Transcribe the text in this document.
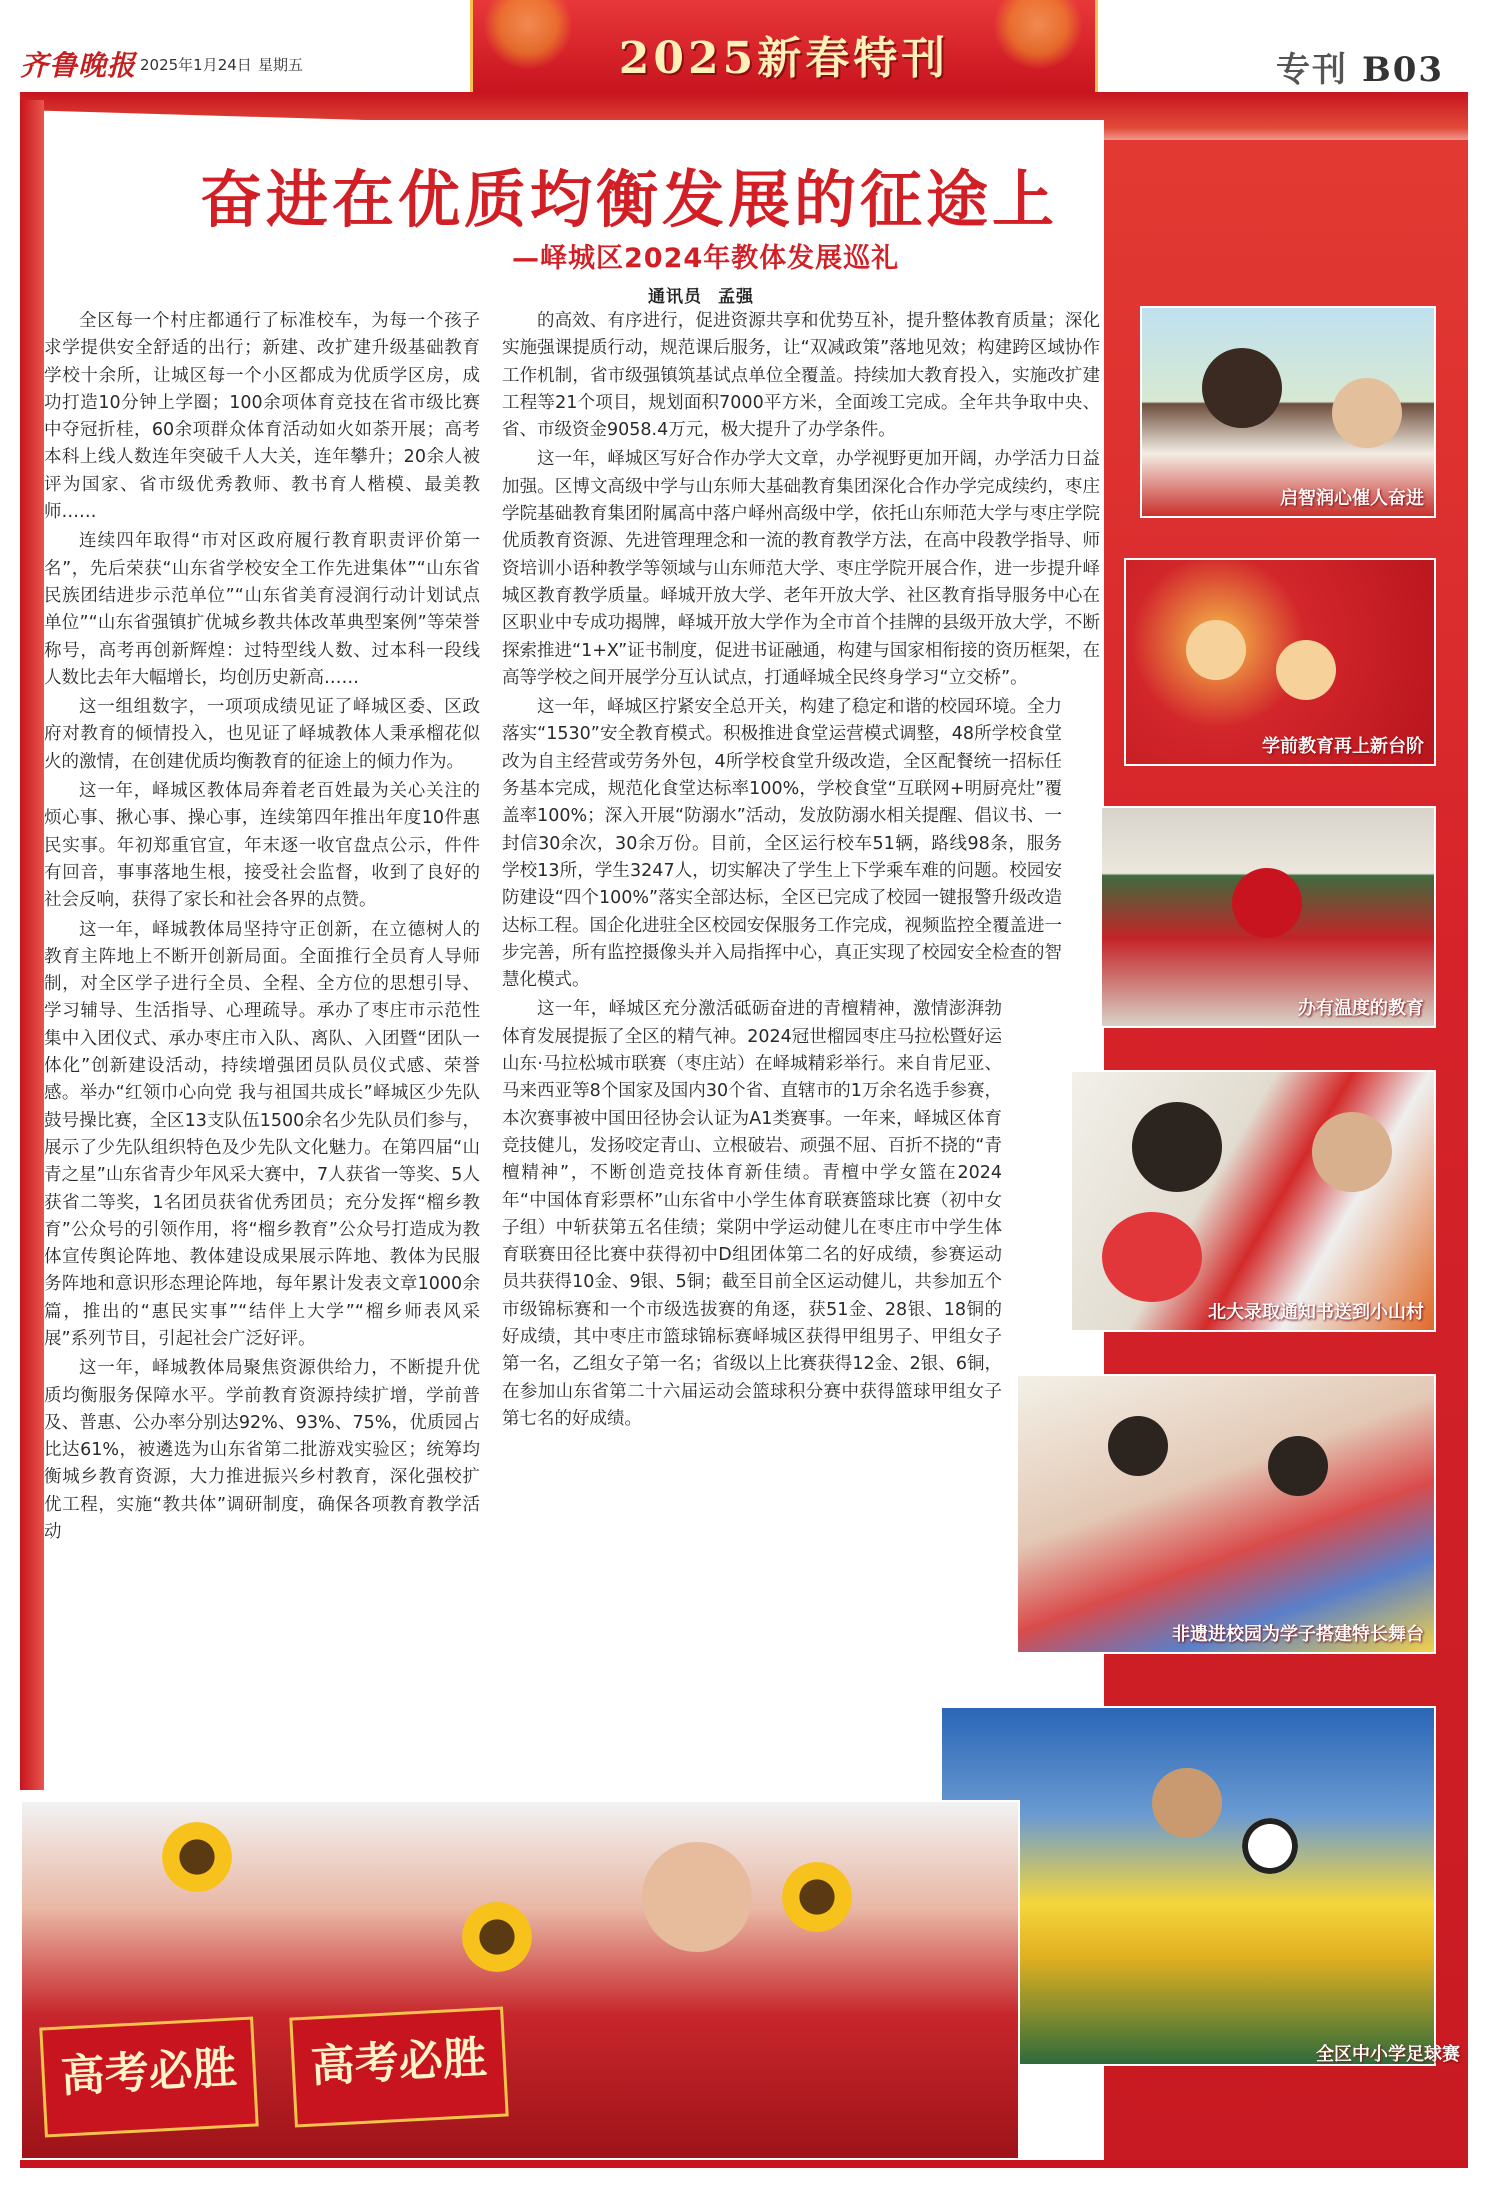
齐鲁晚报 2025年1月24日 星期五	2025新春特刊	专刊 B03
奋进在优质均衡发展的征途上
—峄城区2024年教体发展巡礼
通讯员 孟强

全区每一个村庄都通行了标准校车，为每一个孩子求学提供安全舒适的出行；新建、改扩建升级基础教育学校十余所，让城区每一个小区都成为优质学区房，成功打造10分钟上学圈；100余项体育竞技在省市级比赛中夺冠折桂，60余项群众体育活动如火如荼开展；高考本科上线人数连年突破千人大关，连年攀升；20余人被评为国家、省市级优秀教师、教书育人楷模、最美教师……

连续四年取得“市对区政府履行教育职责评价第一名”，先后荣获“山东省学校安全工作先进集体”“山东省民族团结进步示范单位”“山东省美育浸润行动计划试点单位”“山东省强镇扩优城乡教共体改革典型案例”等荣誉称号，高考再创新辉煌：过特型线人数、过本科一段线人数比去年大幅增长，均创历史新高……

这一组组数字，一项项成绩见证了峄城区委、区政府对教育的倾情投入，也见证了峄城教体人秉承榴花似火的激情，在创建优质均衡教育的征途上的倾力作为。

这一年，峄城区教体局奔着老百姓最为关心关注的烦心事、揪心事、操心事，连续第四年推出年度10件惠民实事。年初郑重官宣，年末逐一收官盘点公示，件件有回音，事事落地生根，接受社会监督，收到了良好的社会反响，获得了家长和社会各界的点赞。

这一年，峄城教体局坚持守正创新，在立德树人的教育主阵地上不断开创新局面。全面推行全员育人导师制，对全区学子进行全员、全程、全方位的思想引导、学习辅导、生活指导、心理疏导。承办了枣庄市示范性集中入团仪式、承办枣庄市入队、离队、入团暨“团队一体化”创新建设活动，持续增强团员队员仪式感、荣誉感。举办“红领巾心向党 我与祖国共成长”峄城区少先队鼓号操比赛，全区13支队伍1500余名少先队员们参与，展示了少先队组织特色及少先队文化魅力。在第四届“山青之星”山东省青少年风采大赛中，7人获省一等奖、5人获省二等奖，1名团员获省优秀团员；充分发挥“榴乡教育”公众号的引领作用，将“榴乡教育”公众号打造成为教体宣传舆论阵地、教体建设成果展示阵地、教体为民服务阵地和意识形态理论阵地，每年累计发表文章1000余篇，推出的“惠民实事”“结伴上大学”“榴乡师表风采展”系列节目，引起社会广泛好评。

这一年，峄城教体局聚焦资源供给力，不断提升优质均衡服务保障水平。学前教育资源持续扩增，学前普及、普惠、公办率分别达92%、93%、75%，优质园占比达61%，被遴选为山东省第二批游戏实验区；统筹均衡城乡教育资源，大力推进振兴乡村教育，深化强校扩优工程，实施“教共体”调研制度，确保各项教育教学活动

的高效、有序进行，促进资源共享和优势互补，提升整体教育质量；深化实施强课提质行动，规范课后服务，让“双减政策”落地见效；构建跨区域协作工作机制，省市级强镇筑基试点单位全覆盖。持续加大教育投入，实施改扩建工程等21个项目，规划面积7000平方米，全面竣工完成。全年共争取中央、省、市级资金9058.4万元，极大提升了办学条件。

这一年，峄城区写好合作办学大文章，办学视野更加开阔，办学活力日益加强。区博文高级中学与山东师大基础教育集团深化合作办学完成续约，枣庄学院基础教育集团附属高中落户峄州高级中学，依托山东师范大学与枣庄学院优质教育资源、先进管理理念和一流的教育教学方法，在高中段教学指导、师资培训小语种教学等领域与山东师范大学、枣庄学院开展合作，进一步提升峄城区教育教学质量。峄城开放大学、老年开放大学、社区教育指导服务中心在区职业中专成功揭牌，峄城开放大学作为全市首个挂牌的县级开放大学，不断探索推进“1+X”证书制度，促进书证融通，构建与国家相衔接的资历框架，在高等学校之间开展学分互认试点，打通峄城全民终身学习“立交桥”。

这一年，峄城区拧紧安全总开关，构建了稳定和谐的校园环境。全力落实“1530”安全教育模式。积极推进食堂运营模式调整，48所学校食堂改为自主经营或劳务外包，4所学校食堂升级改造，全区配餐统一招标任务基本完成，规范化食堂达标率100%，学校食堂“互联网+明厨亮灶”覆盖率100%；深入开展“防溺水”活动，发放防溺水相关提醒、倡议书、一封信30余次，30余万份。目前，全区运行校车51辆，路线98条，服务学校13所，学生3247人，切实解决了学生上下学乘车难的问题。校园安防建设“四个100%”落实全部达标，全区已完成了校园一键报警升级改造达标工程。国企化进驻全区校园安保服务工作完成，视频监控全覆盖进一步完善，所有监控摄像头并入局指挥中心，真正实现了校园安全检查的智慧化模式。

这一年，峄城区充分激活砥砺奋进的青檀精神，激情澎湃勃体育发展提振了全区的精气神。2024冠世榴园枣庄马拉松暨好运山东·马拉松城市联赛（枣庄站）在峄城精彩举行。来自肯尼亚、马来西亚等8个国家及国内30个省、直辖市的1万余名选手参赛，本次赛事被中国田径协会认证为A1类赛事。一年来，峄城区体育竞技健儿，发扬咬定青山、立根破岩、顽强不屈、百折不挠的“青檀精神”，不断创造竞技体育新佳绩。青檀中学女篮在2024年“中国体育彩票杯”山东省中小学生体育联赛篮球比赛（初中女子组）中斩获第五名佳绩；棠阴中学运动健儿在枣庄市中学生体育联赛田径比赛中获得初中D组团体第二名的好成绩，参赛运动员共获得10金、9银、5铜；截至目前全区运动健儿，共参加五个市级锦标赛和一个市级选拔赛的角逐，获51金、28银、18铜的好成绩，其中枣庄市篮球锦标赛峄城区获得甲组男子、甲组女子第一名，乙组女子第一名；省级以上比赛获得12金、2银、6铜，在参加山东省第二十六届运动会篮球积分赛中获得篮球甲组女子第七名的好成绩。

启智润心催人奋进
学前教育再上新台阶
办有温度的教育
北大录取通知书送到小山村
非遗进校园为学子搭建特长舞台
全区中小学足球赛
高考必胜	高考必胜
